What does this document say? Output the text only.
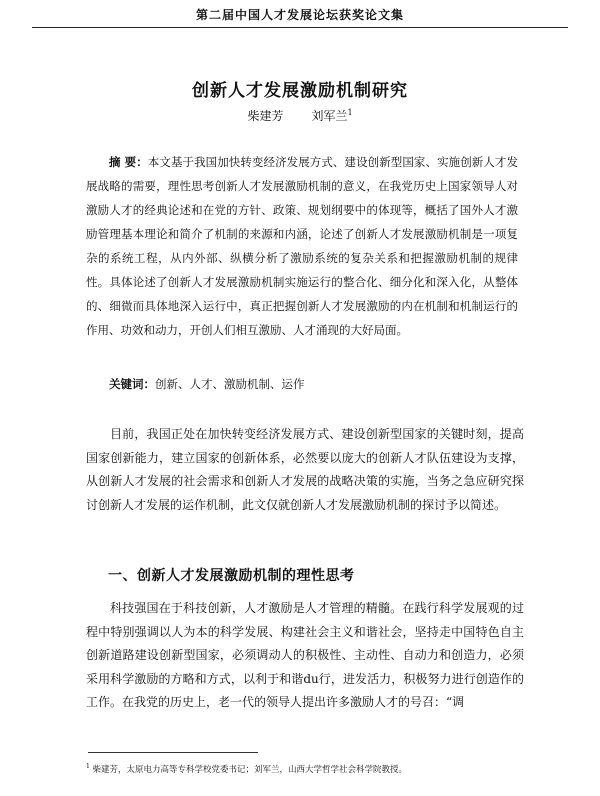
第二届中国人才发展论坛获奖论文集
创新人才发展激励机制研究
柴建芳 刘军兰$^1$
摘 要：本文基于我国加快转变经济发展方式、建设创新型国家、实施创新人才发展战略的需要，理性思考创新人才发展激励机制的意义，在我党历史上国家领导人对激励人才的经典论述和在党的方针、政策、规划纲要中的体现等，概括了国外人才激励管理基本理论和简介了机制的来源和内涵，论述了创新人才发展激励机制是一项复杂的系统工程，从内外部、纵横分析了激励系统的复杂关系和把握激励机制的规律性。具体论述了创新人才发展激励机制实施运行的整合化、细分化和深入化，从整体的、细微而具体地深入运行中，真正把握创新人才发展激励的内在机制和机制运行的作用、功效和动力，开创人们相互激励、人才涌现的大好局面。
关键词：创新、人才、激励机制、运作
目前，我国正处在加快转变经济发展方式、建设创新型国家的关键时刻，提高国家创新能力，建立国家的创新体系，必然要以庞大的创新人才队伍建设为支撑，从创新人才发展的社会需求和创新人才发展的战略决策的实施，当务之急应研究探讨创新人才发展的运作机制，此文仅就创新人才发展激励机制的探讨予以简述。
一、创新人才发展激励机制的理性思考
科技强国在于科技创新，人才激励是人才管理的精髓。在践行科学发展观的过程中特别强调以人为本的科学发展、构建社会主义和谐社会，坚持走中国特色自主创新道路建设创新型国家，必须调动人的积极性、主动性、自动力和创造力，必须采用科学激励的方略和方式，以利于和谐du行，进发活力，积极努力进行创造作的工作。在我党的历史上，老一代的领导人提出许多激励人才的号召：“调
$^1$ 柴建芳，太原电力高等专科学校党委书记；刘军兰，山西大学哲学社会科学院教授。
